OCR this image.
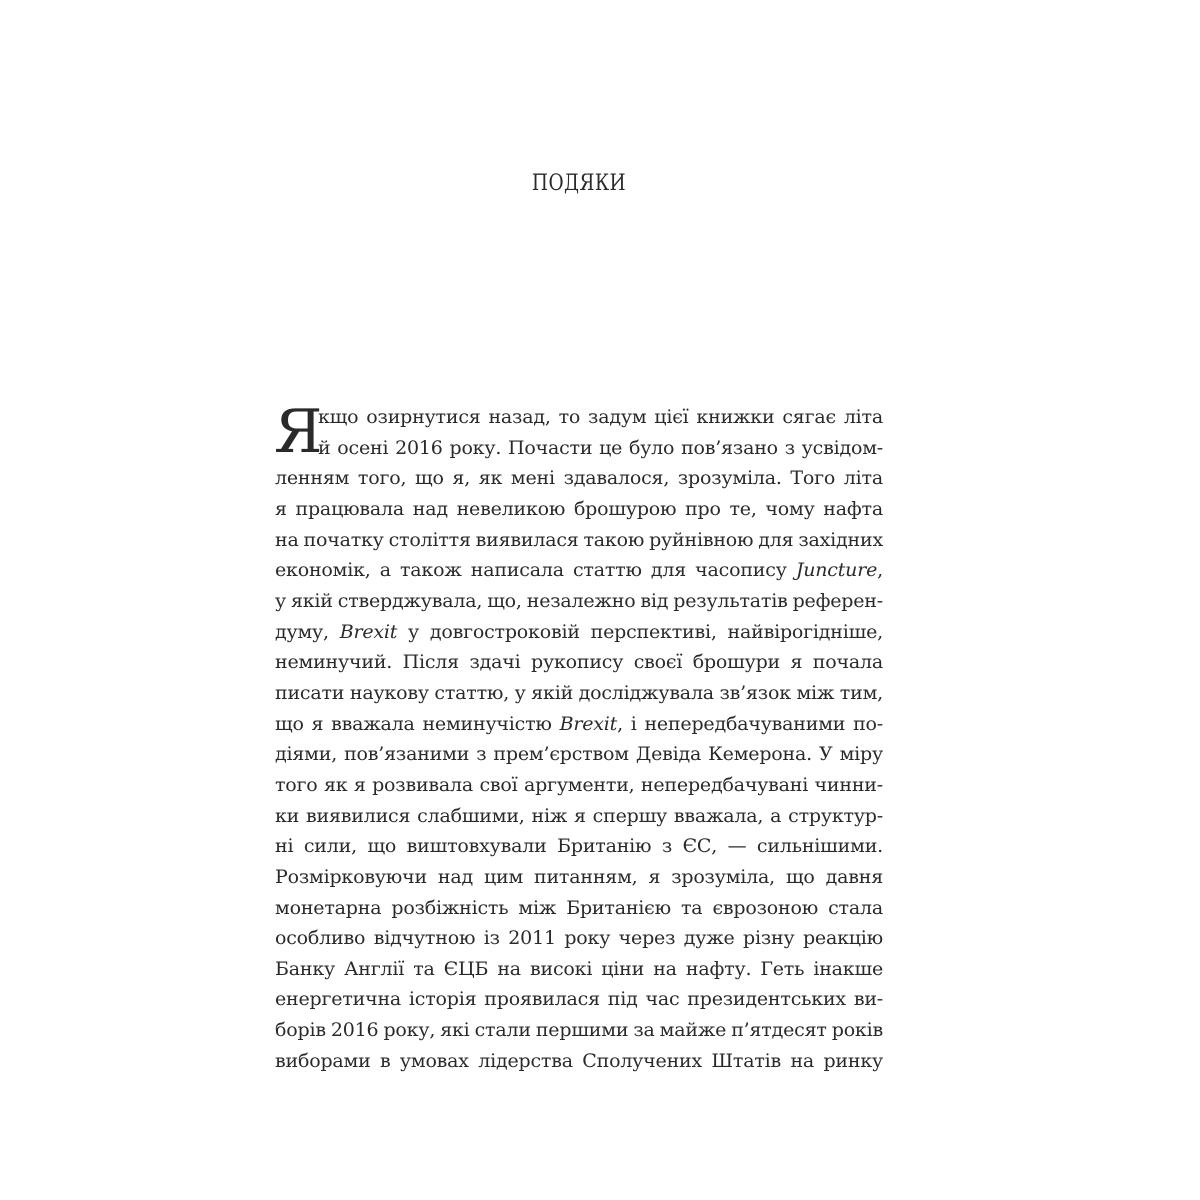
ПОДЯКИ
Я
кщо озирнутися назад, то задум цієї книжки сягає літа
й осені 2016 року. Почасти це було пов’язано з усвідом-
ленням того, що я, як мені здавалося, зрозуміла. Того літа
я працювала над невеликою брошурою про те, чому нафта
на початку століття виявилася такою руйнівною для західних
економік, а також написала статтю для часопису Juncture,
у якій стверджувала, що, незалежно від результатів референ-
думу, Brexit у довгостроковій перспективі, найвірогідніше,
неминучий. Після здачі рукопису своєї брошури я почала
писати наукову статтю, у якій досліджувала зв’язок між тим,
що я вважала неминучістю Brexit, і непередбачуваними по-
діями, пов’язаними з прем’єрством Девіда Кемерона. У міру
того як я розвивала свої аргументи, непередбачувані чинни-
ки виявилися слабшими, ніж я спершу вважала, а структур-
ні сили, що виштовхували Британію з ЄС, — сильнішими.
Розмірковуючи над цим питанням, я зрозуміла, що давня
монетарна розбіжність між Британією та єврозоною стала
особливо відчутною із 2011 року через дуже різну реакцію
Банку Англії та ЄЦБ на високі ціни на нафту. Геть інакше
енергетична історія проявилася під час президентських ви-
борів 2016 року, які стали першими за майже п’ятдесят років
виборами в умовах лідерства Сполучених Штатів на ринку
